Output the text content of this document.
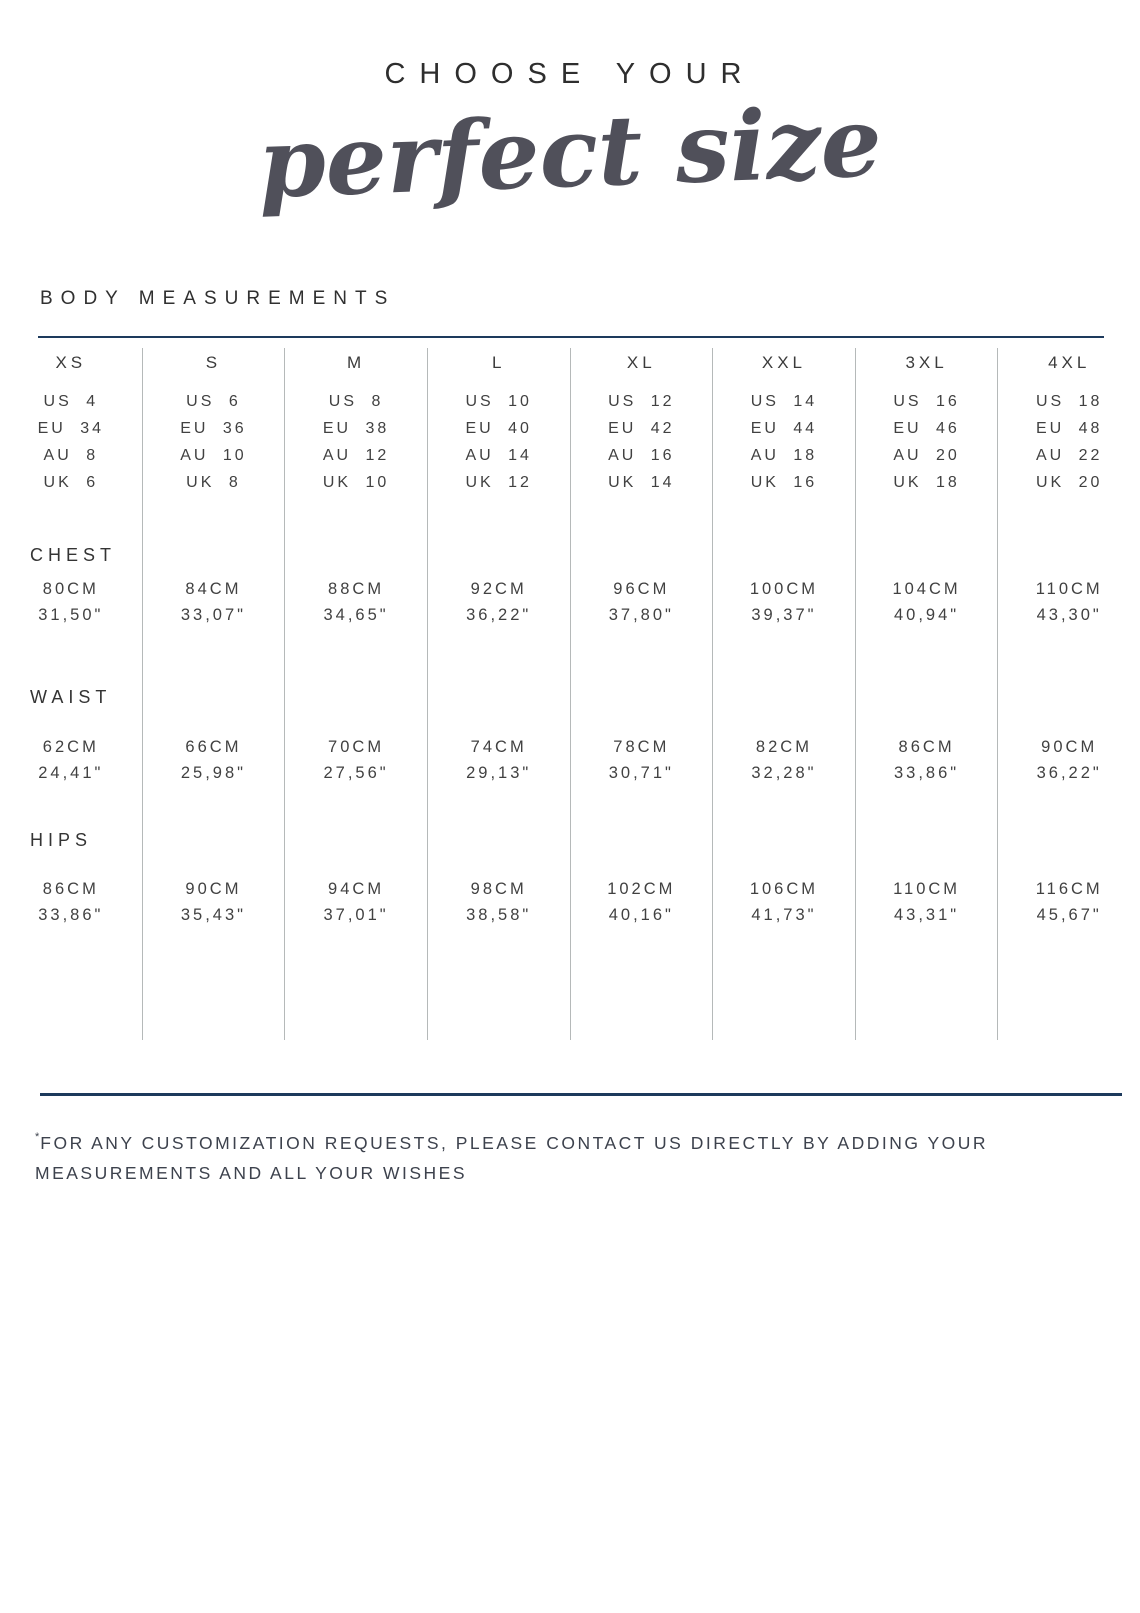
CHOOSE YOUR
perfect size
BODY MEASUREMENTS
CHEST
WAIST
HIPS
XS
US 4
EU 34
AU 8
UK 6
80CM
31,50"
62CM
24,41"
86CM
33,86"
S
US 6
EU 36
AU 10
UK 8
84CM
33,07"
66CM
25,98"
90CM
35,43"
M
US 8
EU 38
AU 12
UK 10
88CM
34,65"
70CM
27,56"
94CM
37,01"
L
US 10
EU 40
AU 14
UK 12
92CM
36,22"
74CM
29,13"
98CM
38,58"
XL
US 12
EU 42
AU 16
UK 14
96CM
37,80"
78CM
30,71"
102CM
40,16"
XXL
US 14
EU 44
AU 18
UK 16
100CM
39,37"
82CM
32,28"
106CM
41,73"
3XL
US 16
EU 46
AU 20
UK 18
104CM
40,94"
86CM
33,86"
110CM
43,31"
4XL
US 18
EU 48
AU 22
UK 20
110CM
43,30"
90CM
36,22"
116CM
45,67"
*FOR ANY CUSTOMIZATION REQUESTS, PLEASE CONTACT US DIRECTLY BY ADDING YOUR MEASUREMENTS AND ALL YOUR WISHES
